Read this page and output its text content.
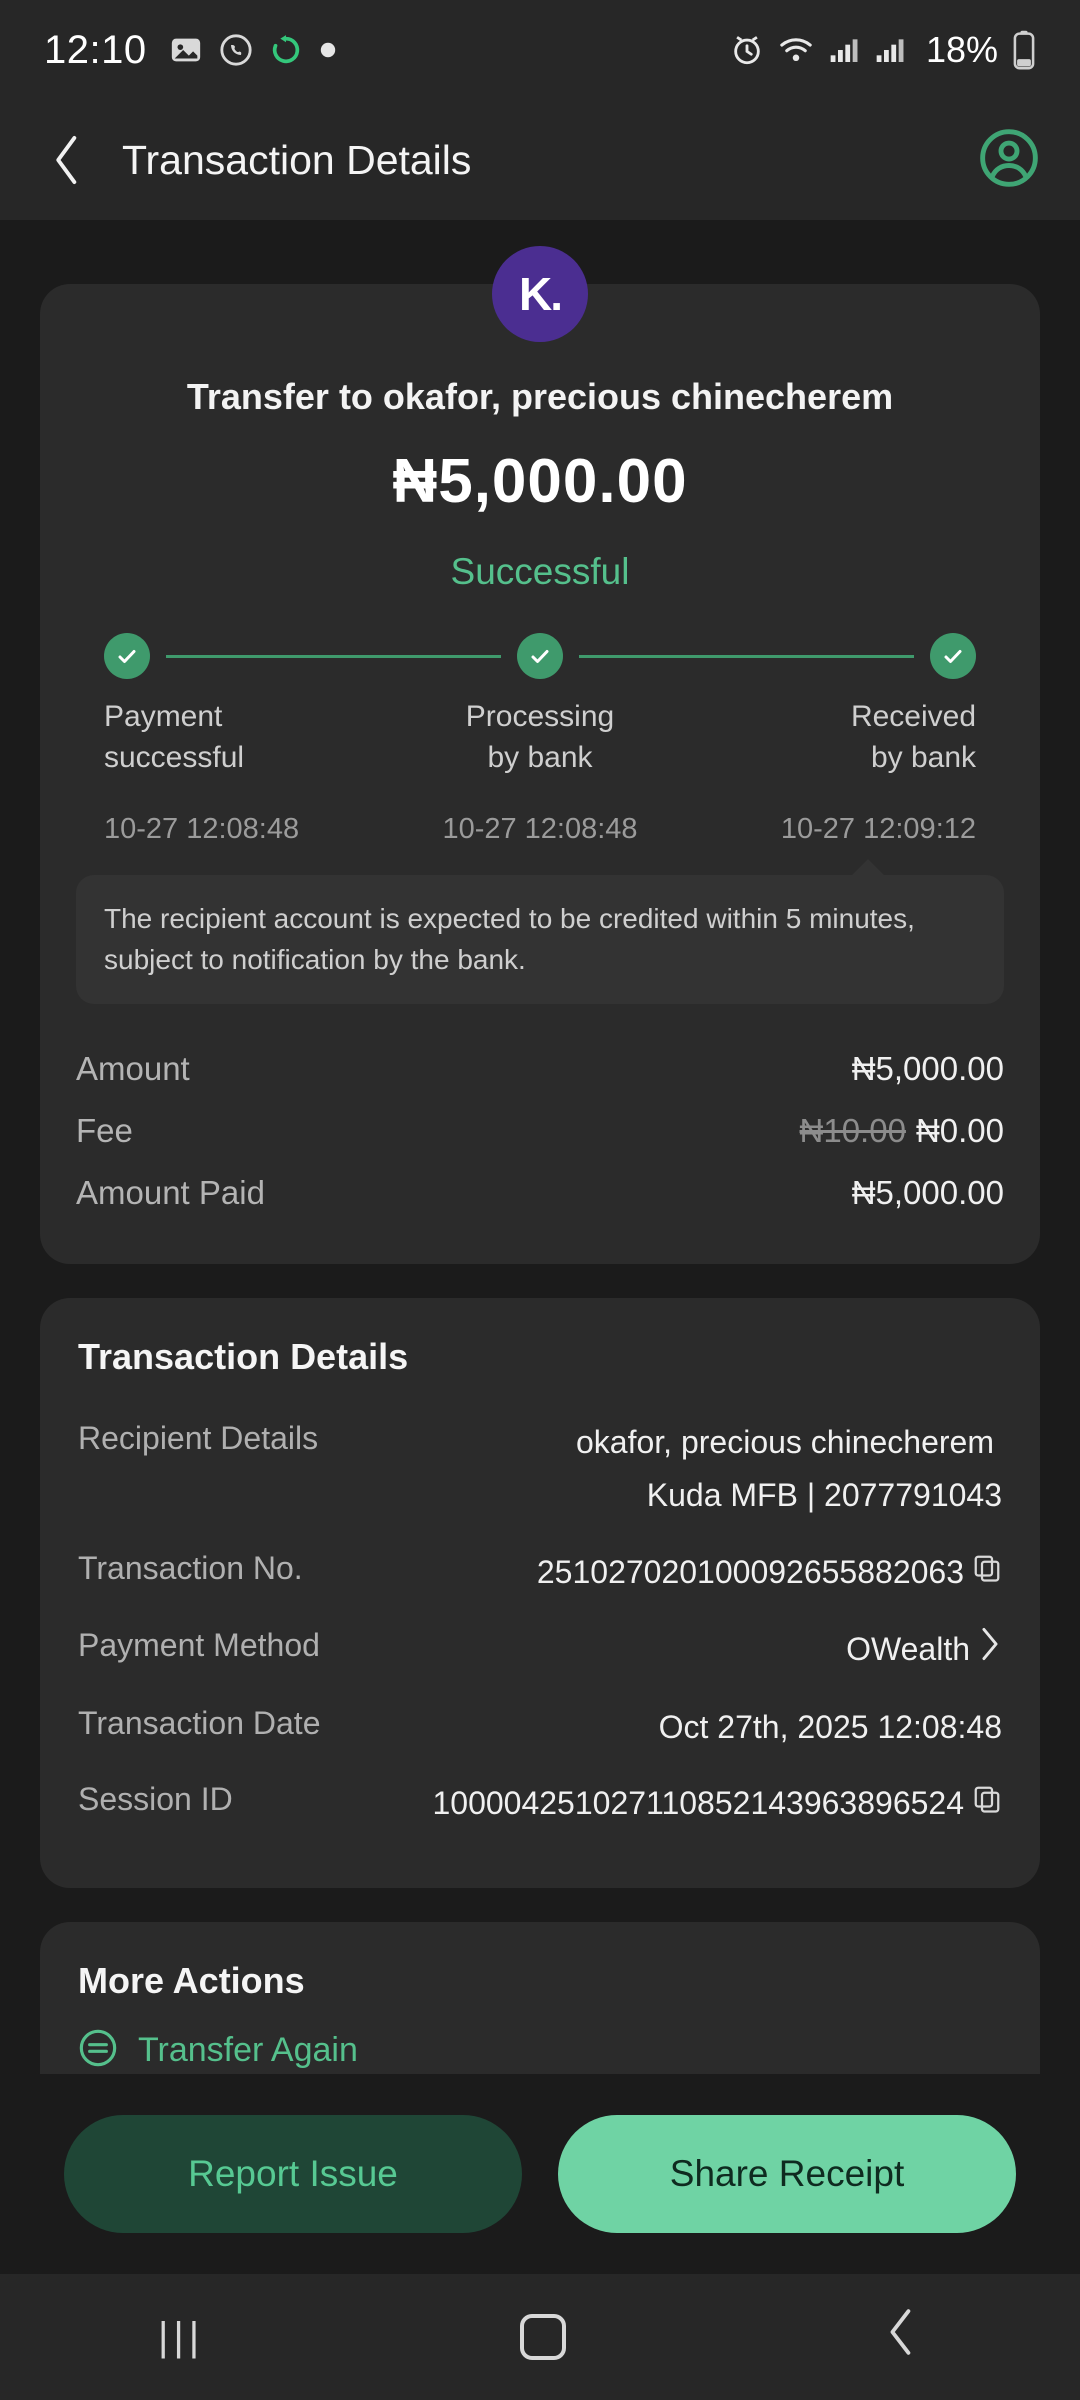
12:10	18%
Transaction Details
K.
Transfer to okafor, precious chinecherem
₦5,000.00
Successful
Payment
successful
Processing
by bank
Received
by bank
10-27 12:08:48	10-27 12:08:48	10-27 12:09:12
The recipient account is expected to be credited within 5 minutes, subject to notification by the bank.
Amount	₦5,000.00
Fee	₦10.00 ₦0.00
Amount Paid	₦5,000.00
Transaction Details
Recipient Details	okafor, precious chinecherem

Kuda MFB | 2077791043
Transaction No.	251027020100092655882063
Payment Method	OWealth
Transaction Date	Oct 27th, 2025 12:08:48
Session ID	100004251027110852143963896524
More Actions
Transfer Again
Report Issue	Share Receipt
|||
